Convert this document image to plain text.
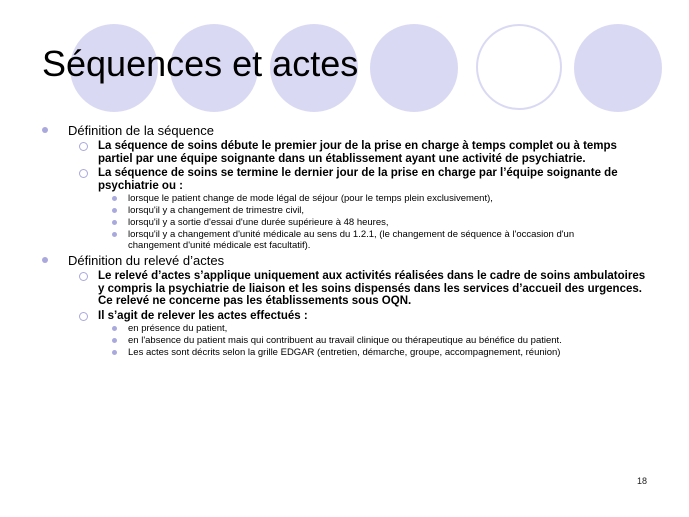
Séquences et actes
Définition de la séquence
La séquence de soins débute le premier jour de la prise en charge à temps complet ou à temps partiel par une équipe soignante dans un établissement ayant une activité de psychiatrie.
La séquence de soins se termine le dernier jour de la prise en charge par l’équipe soignante de psychiatrie ou :
lorsque le patient change de mode légal de séjour (pour le temps plein exclusivement),
lorsqu'il y a changement de trimestre civil,
lorsqu'il y a sortie d'essai d'une durée supérieure à 48 heures,
lorsqu'il y a changement d'unité médicale au sens du 1.2.1, (le changement de séquence à l'occasion d'un changement d'unité médicale est facultatif).
Définition du relevé d’actes
Le relevé d’actes s’applique uniquement aux activités réalisées dans le cadre de soins ambulatoires y compris la psychiatrie de liaison et les soins dispensés dans les services d’accueil des urgences. Ce relevé ne concerne pas les établissements sous OQN.
Il s’agit de relever les actes effectués :
en présence du patient,
en l'absence du patient mais qui contribuent au travail clinique ou thérapeutique au bénéfice du patient.
Les actes sont décrits selon la grille EDGAR (entretien, démarche, groupe, accompagnement, réunion)
18
